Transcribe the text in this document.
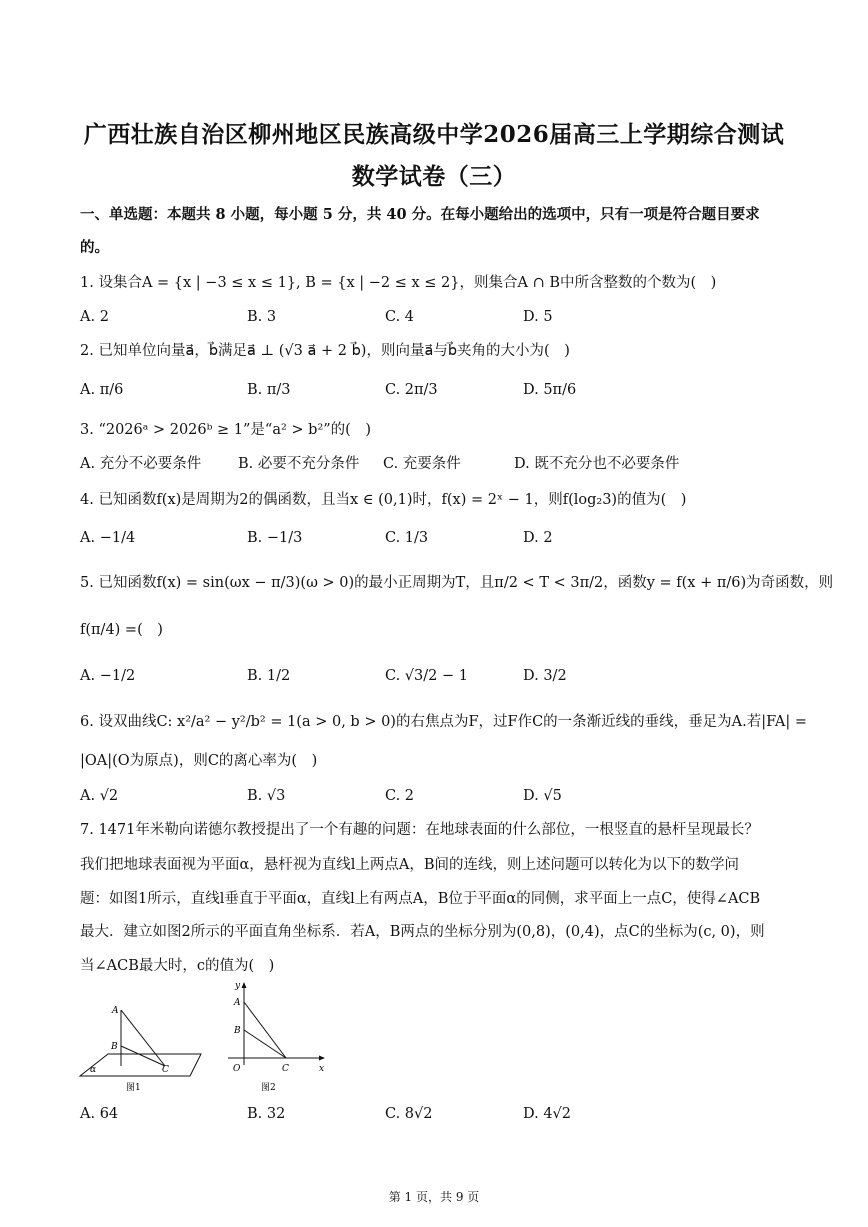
广西壮族自治区柳州地区民族高级中学2026届高三上学期综合测试
数学试卷（三）
一、单选题：本题共 8 小题，每小题 5 分，共 40 分。在每小题给出的选项中，只有一项是符合题目要求
的。
1. 设集合A = {x | −3 ≤ x ≤ 1}, B = {x | −2 ≤ x ≤ 2}，则集合A ∩ B中所含整数的个数为(　)
A. 2	B. 3	C. 4	D. 5
2. 已知单位向量a⃗，b⃗满足a⃗ ⊥ (√3 a⃗ + 2 b⃗)，则向量a⃗与b⃗夹角的大小为(　)
A. π/6	B. π/3	C. 2π/3	D. 5π/6
3. “2026ᵃ > 2026ᵇ ≥ 1”是“a² > b²”的(　)
A. 充分不必要条件	B. 必要不充分条件 C. 充要条件	D. 既不充分也不必要条件
4. 已知函数f(x)是周期为2的偶函数，且当x ∈ (0,1)时，f(x) = 2ˣ − 1，则f(log₂3)的值为(　)
A. −1/4	B. −1/3	C. 1/3	D. 2
5. 已知函数f(x) = sin(ωx − π/3)(ω > 0)的最小正周期为T，且π/2 < T < 3π/2，函数y = f(x + π/6)为奇函数，则
f(π/4) =(　)
A. −1/2	B. 1/2	C. √3/2 − 1	D. 3/2
6. 设双曲线C: x²/a² − y²/b² = 1(a > 0, b > 0)的右焦点为F，过F作C的一条渐近线的垂线，垂足为A.若|FA| =
|OA|(O为原点)，则C的离心率为(　)
A. √2	B. √3	C. 2	D. √5
7. 1471年米勒向诺德尔教授提出了一个有趣的问题：在地球表面的什么部位，一根竖直的悬杆呈现最长？
我们把地球表面视为平面α，悬杆视为直线l上两点A，B间的连线，则上述问题可以转化为以下的数学问
题：如图1所示，直线l垂直于平面α，直线l上有两点A，B位于平面α的同侧，求平面上一点C，使得∠ACB
最大．建立如图2所示的平面直角坐标系．若A，B两点的坐标分别为(0,8)，(0,4)，点C的坐标为(c, 0)，则
当∠ACB最大时，c的值为(　)
A
B
C
α
图1
y
A
B
O	C	x
图2
A. 64	B. 32	C. 8√2	D. 4√2
第 1 页，共 9 页
